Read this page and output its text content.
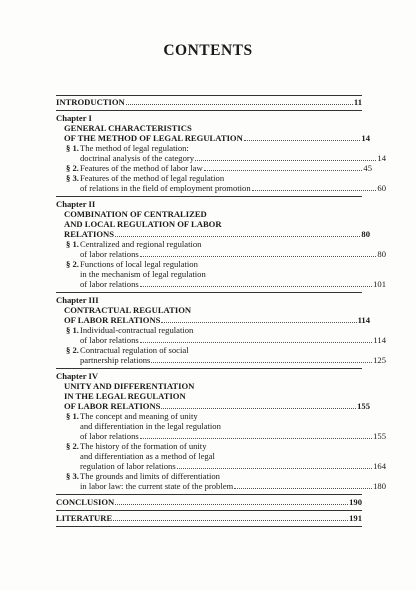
CONTENTS
INTRODUCTION	11
Chapter I
GENERAL CHARACTERISTICS
OF THE METHOD OF LEGAL REGULATION	14
§ 1.The method of legal regulation:
doctrinal analysis of the category	14
§ 2.Features of the method of labor law	45
§ 3.Features of the method of legal regulation
of relations in the field of employment promotion	60
Chapter II
COMBINATION OF CENTRALIZED
AND LOCAL REGULATION OF LABOR
RELATIONS	80
§ 1.Centralized and regional regulation
of labor relations	80
§ 2.Functions of local legal regulation
in the mechanism of legal regulation
of labor relations	101
Chapter III
CONTRACTUAL REGULATION
OF LABOR RELATIONS	114
§ 1.Individual-contractual regulation
of labor relations	114
§ 2.Contractual regulation of social
partnership relations	125
Chapter IV
UNITY AND DIFFERENTIATION
IN THE LEGAL REGULATION
OF LABOR RELATIONS	155
§ 1.The concept and meaning of unity
and differentiation in the legal regulation
of labor relations	155
§ 2.The history of the formation of unity
and differentiation as a method of legal
regulation of labor relations	164
§ 3.The grounds and limits of differentiation
in labor law: the current state of the problem	180
CONCLUSION	190
LITERATURE	191
